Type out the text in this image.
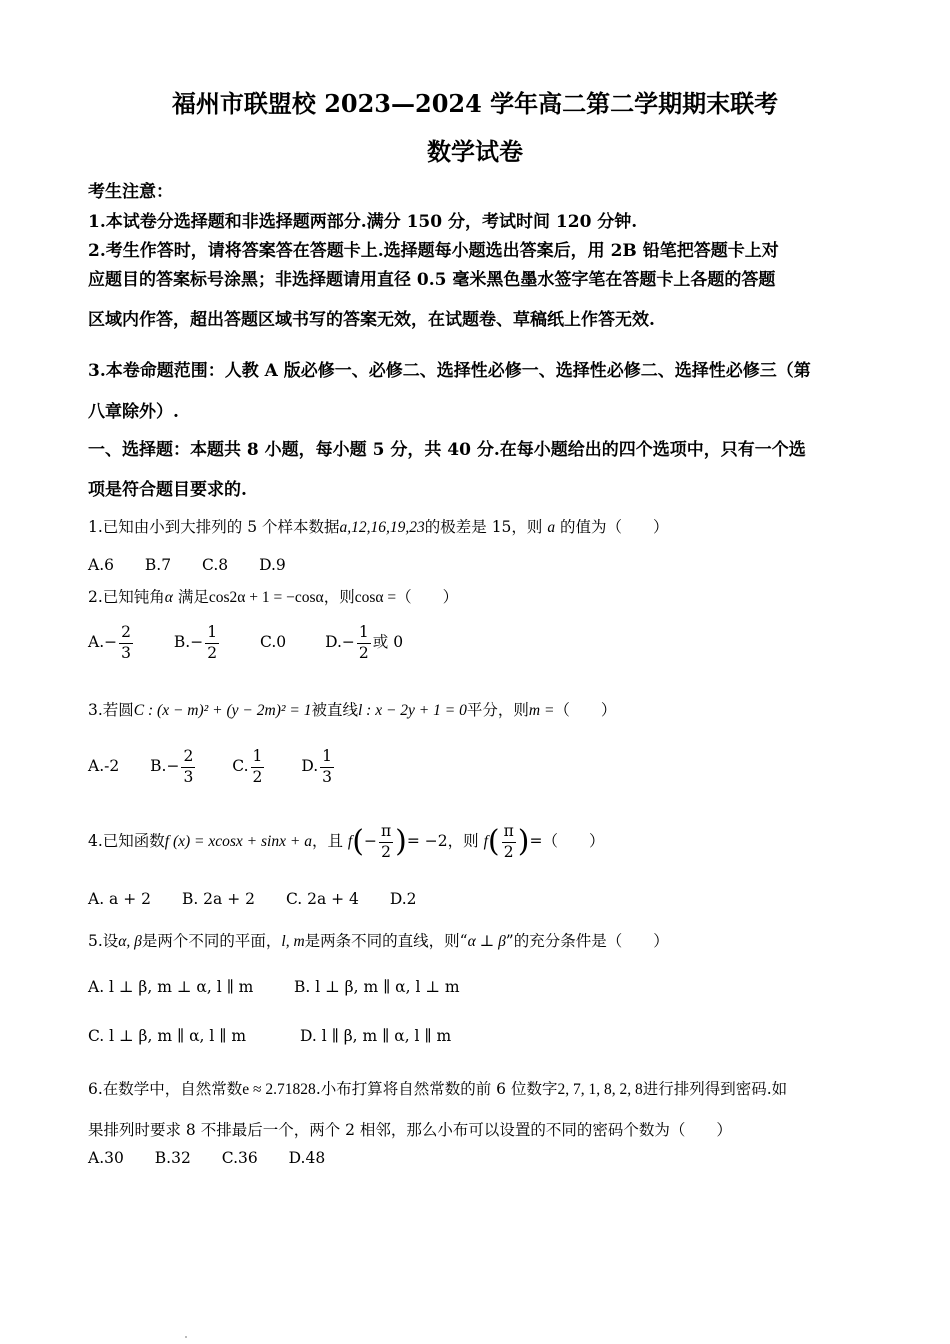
福州市联盟校 2023—2024 学年高二第二学期期末联考
数学试卷
考生注意：
1.本试卷分选择题和非选择题两部分.满分 150 分，考试时间 120 分钟.
2.考生作答时，请将答案答在答题卡上.选择题每小题选出答案后，用 2B 铅笔把答题卡上对
应题目的答案标号涂黑；非选择题请用直径 0.5 毫米黑色墨水签字笔在答题卡上各题的答题
区域内作答，超出答题区域书写的答案无效，在试题卷、草稿纸上作答无效.
3.本卷命题范围：人教 A 版必修一、必修二、选择性必修一、选择性必修二、选择性必修三（第
八章除外）.
一、选择题：本题共 8 小题，每小题 5 分，共 40 分.在每小题给出的四个选项中，只有一个选
项是符合题目要求的.
1.已知由小到大排列的 5 个样本数据a,12,16,19,23的极差是 15，则 a 的值为（　　）
A.6 B.7 C.8 D.9
2.已知钝角α 满足cos2α + 1 = −cosα，则cosα =（　　）
$A.- \frac{2}{3}$	$B.- \frac{1}{2}$	C.0	$D.- \frac{1}{2}$ 或 0
3.若圆C : (x − m)² + (y − 2m)² = 1被直线l : x − 2y + 1 = 0平分，则m =（　　）
A.-2 $B.- \frac{2}{3} C$. $\frac{1}{2} D$. $\frac{1}{3}$
4.已知函数f (x) = xcosx + sinx + a，且 $f(- \frac{\pi}{2}$ )= −2，则 $f( \frac{\pi}{2}$ )=（　　）
A. a + 2 B. 2a + 2 C. 2a + 4 D.2
5.设α, β是两个不同的平面，l, m是两条不同的直线，则“α ⊥ β”的充分条件是（　　）
A. l ⊥ β, m ⊥ α, l ∥ m	B. l ⊥ β, m ∥ α, l ⊥ m
C. l ⊥ β, m ∥ α, l ∥ m	D. l ∥ β, m ∥ α, l ∥ m
6.在数学中，自然常数e ≈ 2.71828.小布打算将自然常数的前 6 位数字2, 7, 1, 8, 2, 8进行排列得到密码.如
果排列时要求 8 不排最后一个，两个 2 相邻，那么小布可以设置的不同的密码个数为（　　）
A.30 B.32 C.36 D.48
